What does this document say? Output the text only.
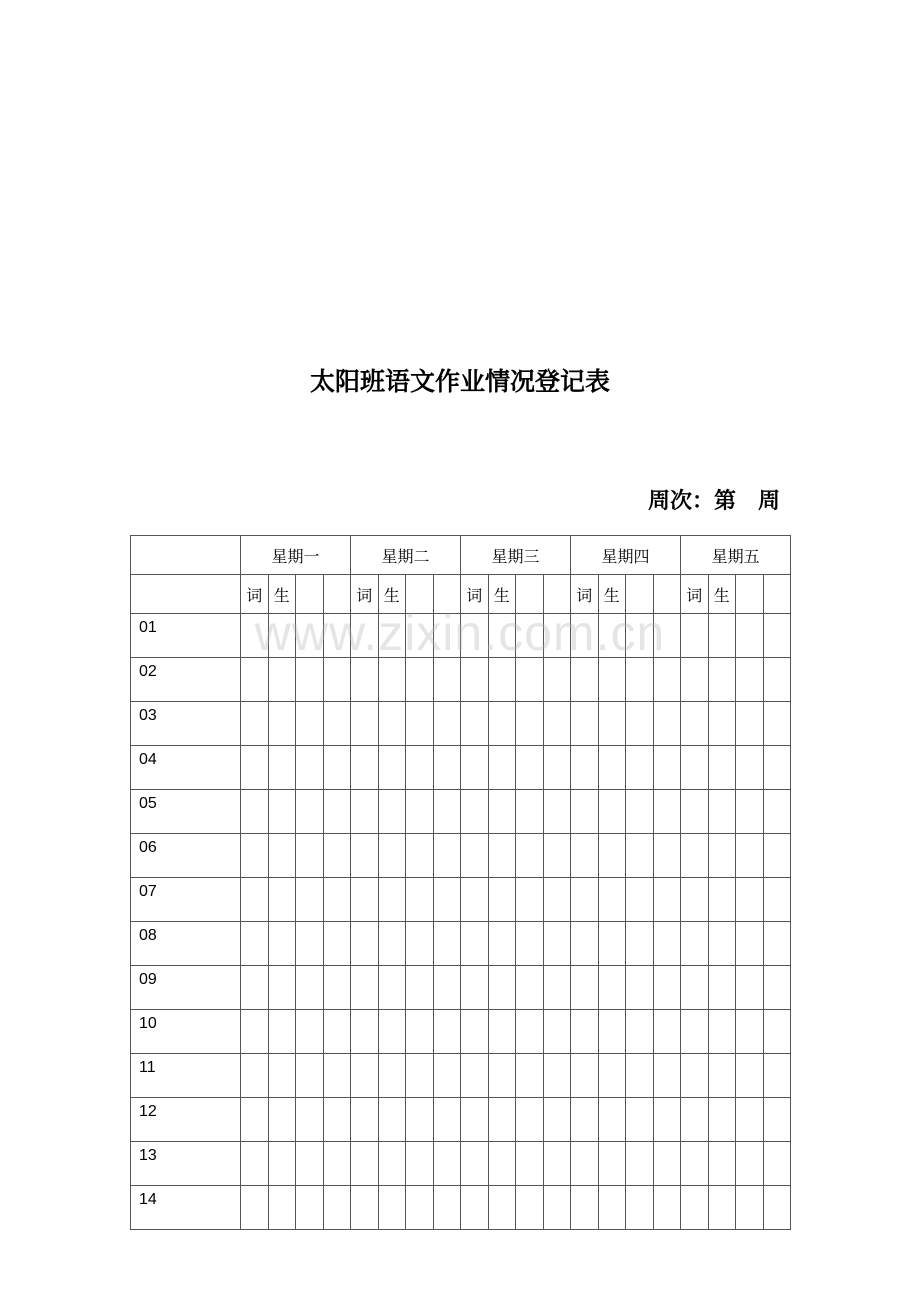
太阳班语文作业情况登记表
周次：第　 周
	星期一				星期二				星期三				星期四				星期五			
	词	生			词	生			词	生			词	生			词	生		
01																				
02																				
03																				
04																				
05																				
06																				
07																				
08																				
09																				
10																				
11																				
12																				
13																				
14																				
www.zixin.com.cn
